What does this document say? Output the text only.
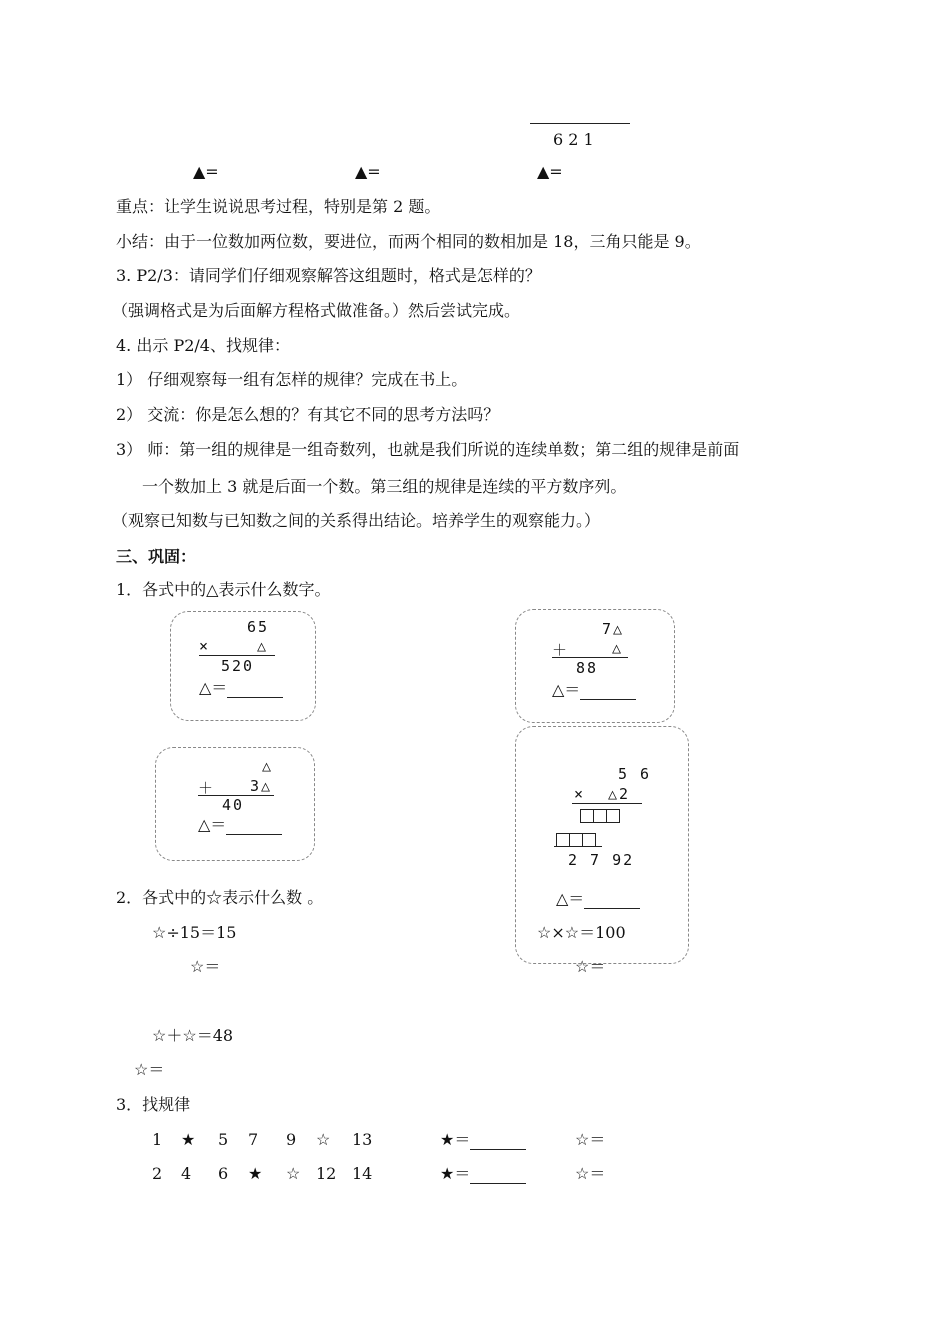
6 2 1
▲=	▲=	▲=
重点：让学生说说思考过程，特别是第 2 题。
小结：由于一位数加两位数，要进位，而两个相同的数相加是 18，三角只能是 9。
3. P2/3：请同学们仔细观察解答这组题时，格式是怎样的？
（强调格式是为后面解方程格式做准备。）然后尝试完成。
4. 出示 P2/4、找规律：
1） 仔细观察每一组有怎样的规律？完成在书上。
2） 交流：你是怎么想的？有其它不同的思考方法吗？
3） 师：第一组的规律是一组奇数列，也就是我们所说的连续单数；第二组的规律是前面
一个数加上 3 就是后面一个数。第三组的规律是连续的平方数序列。
（观察已知数与已知数之间的关系得出结论。培养学生的观察能力。）
三、巩固：
1．各式中的△表示什么数字。
65
×	△
520
△＝
7△
＋	△
88
△＝
△
＋ 3△
40
△＝
5 6
× △2
2 7 92
△＝
2．各式中的☆表示什么数 。
☆÷15＝15
☆＝
☆×☆＝100
☆＝
☆＋☆＝48
☆＝
3．找规律
1 ★ 5 7 9 ☆ 13	★＝	☆＝
2 4 6 ★ ☆ 12 14	★＝	☆＝
